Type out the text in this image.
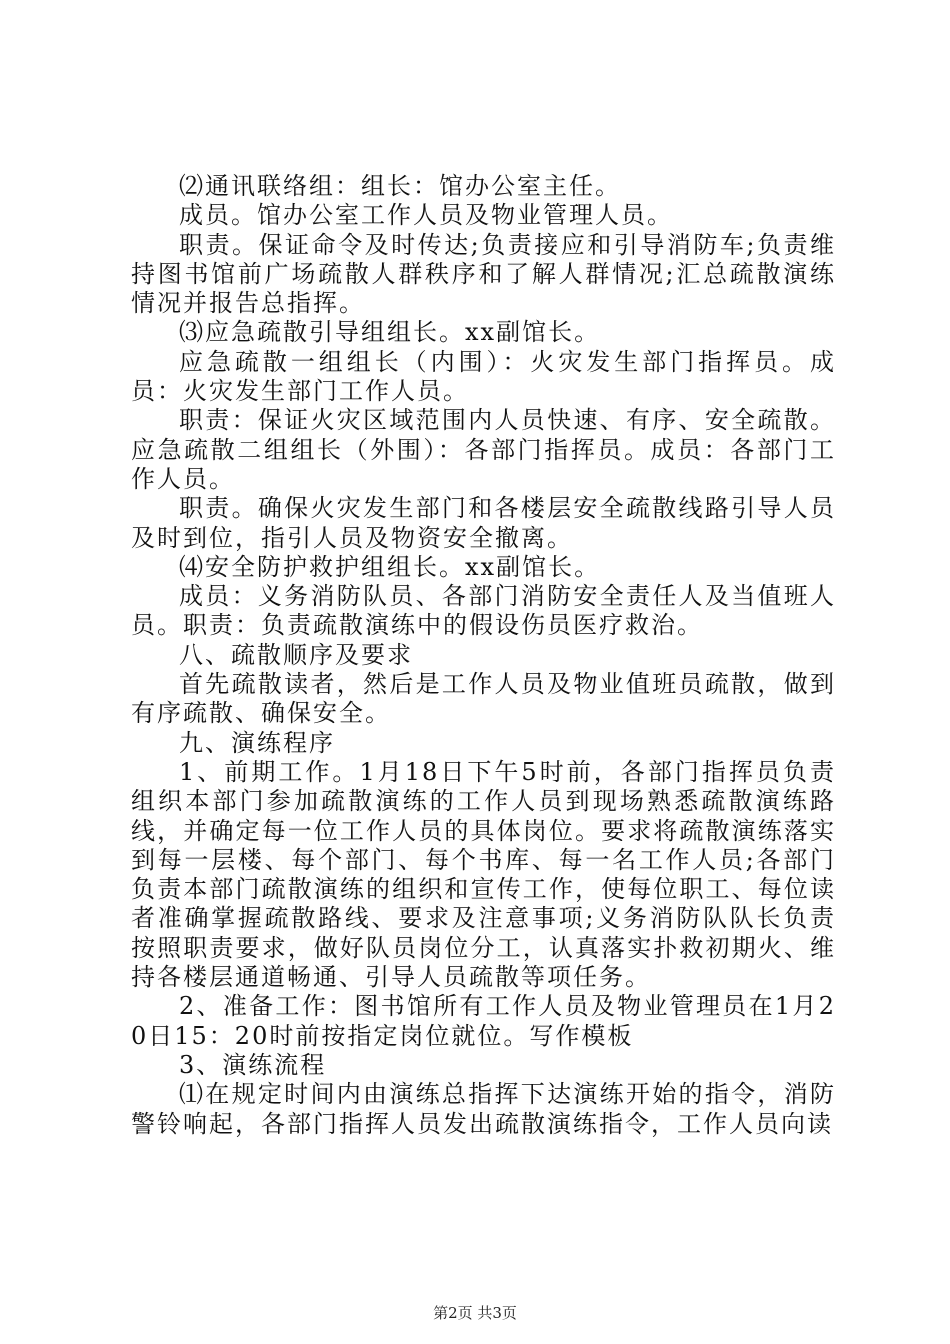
⑵通讯联络组：组长：馆办公室主任。

成员。馆办公室工作人员及物业管理人员。

职责。保证命令及时传达;负责接应和引导消防车;负责维持图书馆前广场疏散人群秩序和了解人群情况;汇总疏散演练情况并报告总指挥。

⑶应急疏散引导组组长。xx副馆长。

应急疏散一组组长（内围）：火灾发生部门指挥员。成员：火灾发生部门工作人员。

职责：保证火灾区域范围内人员快速、有序、安全疏散。应急疏散二组组长（外围）：各部门指挥员。成员：各部门工作人员。

职责。确保火灾发生部门和各楼层安全疏散线路引导人员及时到位，指引人员及物资安全撤离。

⑷安全防护救护组组长。xx副馆长。

成员：义务消防队员、各部门消防安全责任人及当值班人员。职责：负责疏散演练中的假设伤员医疗救治。

八、疏散顺序及要求

首先疏散读者，然后是工作人员及物业值班员疏散，做到有序疏散、确保安全。

九、演练程序

1、前期工作。1月18日下午5时前，各部门指挥员负责组织本部门参加疏散演练的工作人员到现场熟悉疏散演练路线，并确定每一位工作人员的具体岗位。要求将疏散演练落实到每一层楼、每个部门、每个书库、每一名工作人员;各部门负责本部门疏散演练的组织和宣传工作，使每位职工、每位读者准确掌握疏散路线、要求及注意事项;义务消防队队长负责按照职责要求，做好队员岗位分工，认真落实扑救初期火、维持各楼层通道畅通、引导人员疏散等项任务。

2、准备工作：图书馆所有工作人员及物业管理员在1月20日15：20时前按指定岗位就位。写作模板

3、演练流程

⑴在规定时间内由演练总指挥下达演练开始的指令，消防警铃响起，各部门指挥人员发出疏散演练指令，工作人员向读

第2页 共3页
